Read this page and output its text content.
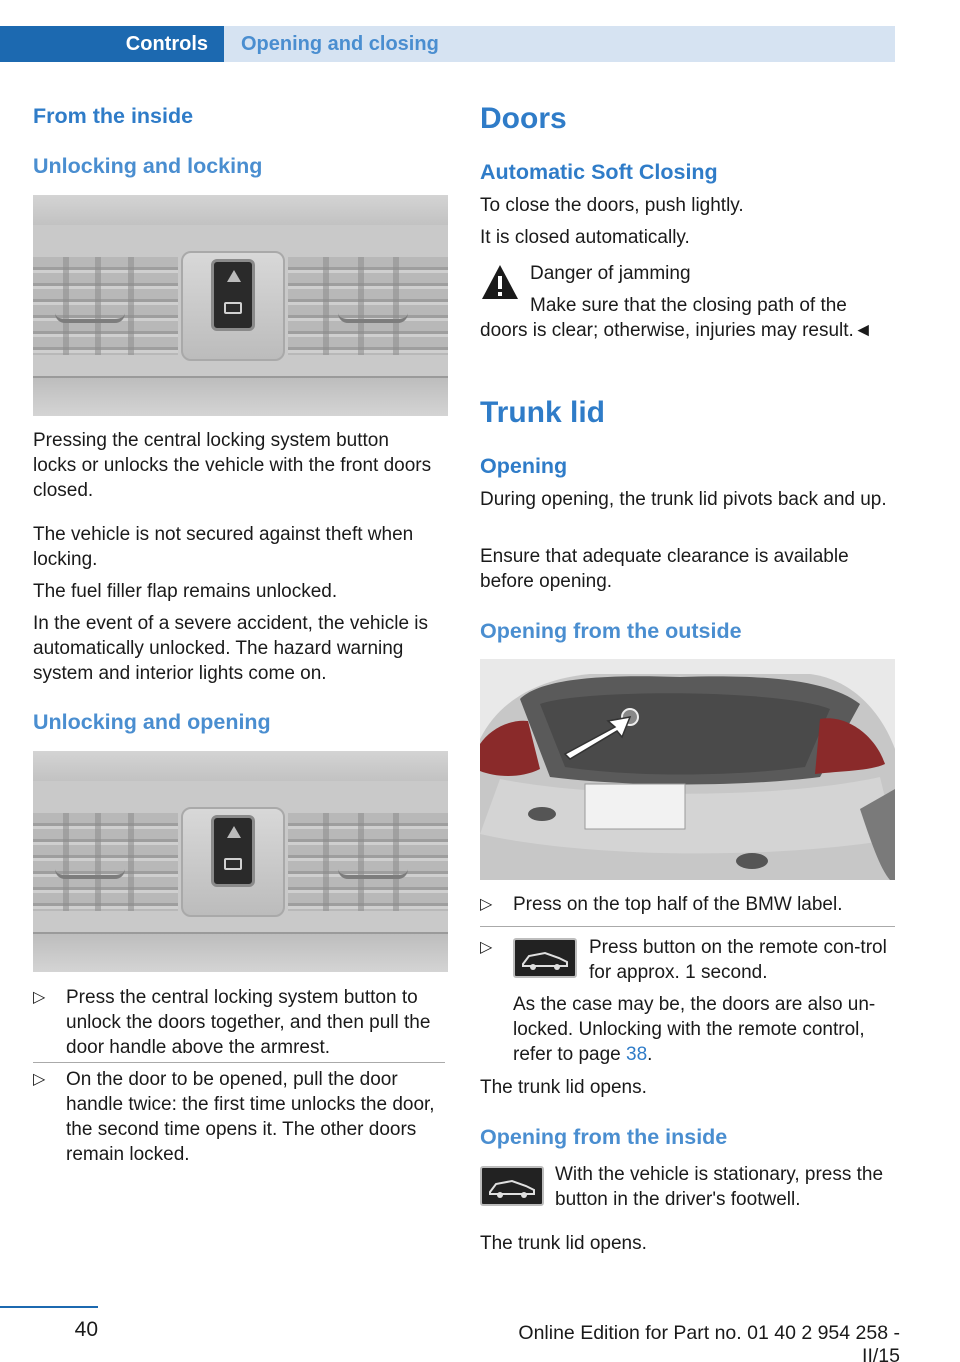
Controls	Opening and closing
From the inside
Unlocking and locking
Pressing the central locking system button locks or unlocks the vehicle with the front doors closed.
The vehicle is not secured against theft when locking.
The fuel filler flap remains unlocked.
In the event of a severe accident, the vehicle is automatically unlocked. The hazard warning system and interior lights come on.
Unlocking and opening
▷ Press the central locking system button to unlock the doors together, and then pull the door handle above the armrest.
▷ On the door to be opened, pull the door handle twice: the first time unlocks the door, the second time opens it. The other doors remain locked.
Doors
Automatic Soft Closing
To close the doors, push lightly.
It is closed automatically.
Danger of jamming
Make sure that the closing path of the doors is clear; otherwise, injuries may result.◄
Trunk lid
Opening
During opening, the trunk lid pivots back and up.
Ensure that adequate clearance is available before opening.
Opening from the outside
▷ Press on the top half of the BMW label.
▷	Press button on the remote con-trol for approx. 1 second.
As the case may be, the doors are also un-locked. Unlocking with the remote control, refer to page 38.
The trunk lid opens.
Opening from the inside
With the vehicle is stationary, press the button in the driver's footwell.
The trunk lid opens.
40	Online Edition for Part no. 01 40 2 954 258 - II/15
